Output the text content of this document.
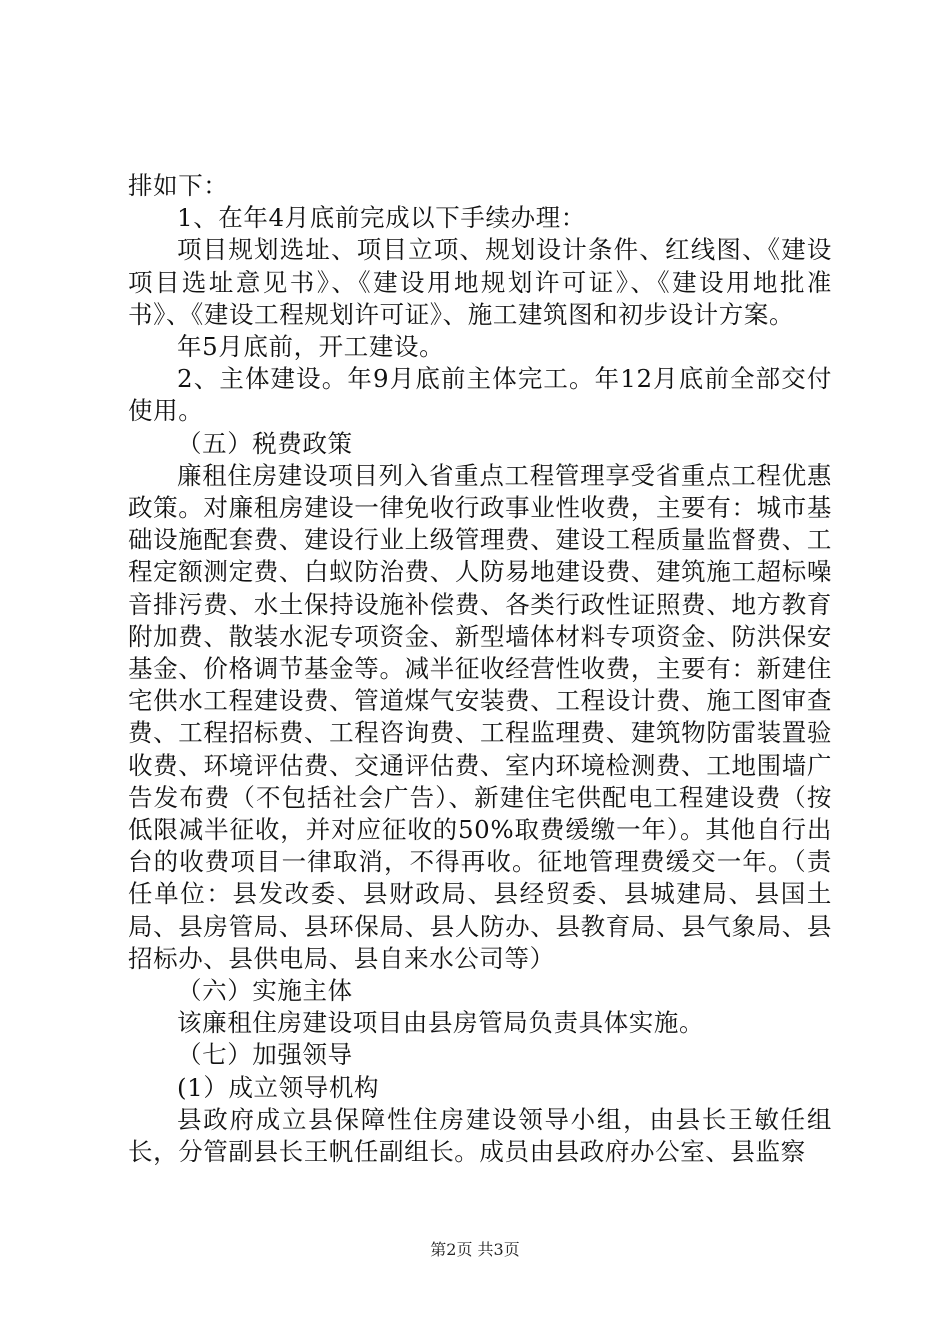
排如下：

1、在年4月底前完成以下手续办理：

项目规划选址、项目立项、规划设计条件、红线图、《建设项目选址意见书》、《建设用地规划许可证》、《建设用地批准书》、《建设工程规划许可证》、施工建筑图和初步设计方案。

年5月底前，开工建设。

2、主体建设。年9月底前主体完工。年12月底前全部交付使用。

（五）税费政策

廉租住房建设项目列入省重点工程管理享受省重点工程优惠政策。对廉租房建设一律免收行政事业性收费，主要有：城市基础设施配套费、建设行业上级管理费、建设工程质量监督费、工程定额测定费、白蚁防治费、人防易地建设费、建筑施工超标噪音排污费、水土保持设施补偿费、各类行政性证照费、地方教育附加费、散装水泥专项资金、新型墙体材料专项资金、防洪保安基金、价格调节基金等。减半征收经营性收费，主要有：新建住宅供水工程建设费、管道煤气安装费、工程设计费、施工图审查费、工程招标费、工程咨询费、工程监理费、建筑物防雷装置验收费、环境评估费、交通评估费、室内环境检测费、工地围墙广告发布费（不包括社会广告）、新建住宅供配电工程建设费（按低限减半征收，并对应征收的50%取费缓缴一年）。其他自行出台的收费项目一律取消，不得再收。征地管理费缓交一年。（责任单位：县发改委、县财政局、县经贸委、县城建局、县国土局、县房管局、县环保局、县人防办、县教育局、县气象局、县招标办、县供电局、县自来水公司等）

（六）实施主体

该廉租住房建设项目由县房管局负责具体实施。

（七）加强领导

(1）成立领导机构

县政府成立县保障性住房建设领导小组，由县长王敏任组长，分管副县长王帆任副组长。成员由县政府办公室、县监察

第2页 共3页
